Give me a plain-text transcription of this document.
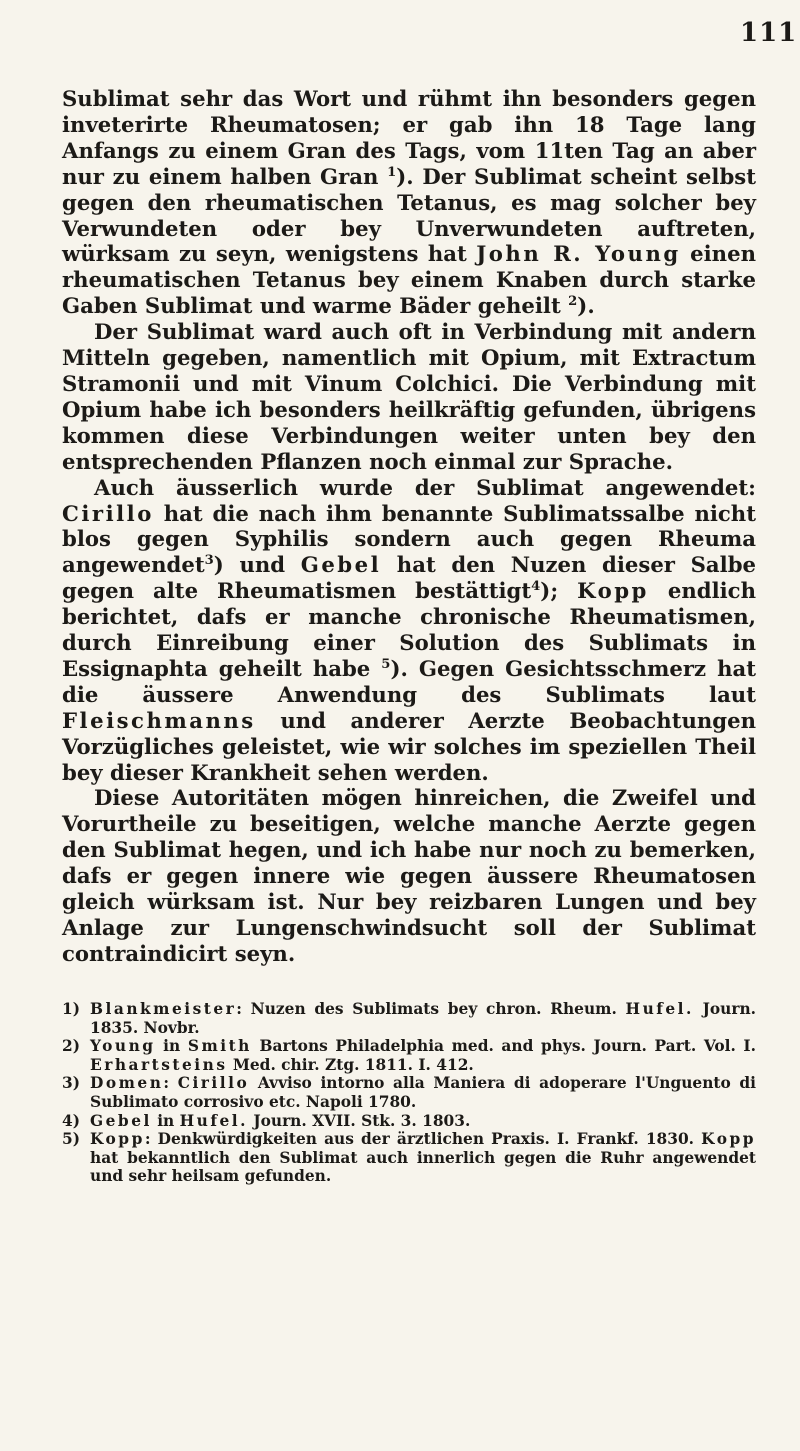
111

Sublimat sehr das Wort und rühmt ihn besonders gegen inveterirte Rheumatosen; er gab ihn 18 Tage lang Anfangs zu einem Gran des Tags, vom 11ten Tag an aber nur zu einem halben Gran $^1$). Der Sublimat scheint selbst gegen den rheumatischen Tetanus, es mag solcher bey Verwundeten oder bey Unverwundeten auftreten, würksam zu seyn, wenigstens hat John R. Young einen rheumatischen Tetanus bey einem Knaben durch starke Gaben Sublimat und warme Bäder geheilt $^2$).

Der Sublimat ward auch oft in Verbindung mit andern Mitteln gegeben, namentlich mit Opium, mit Extractum Stramonii und mit Vinum Colchici. Die Verbindung mit Opium habe ich besonders heilkräftig gefunden, übrigens kommen diese Verbindungen weiter unten bey den entsprechenden Pflanzen noch einmal zur Sprache.

Auch äusserlich wurde der Sublimat angewendet: Cirillo hat die nach ihm benannte Sublimatssalbe nicht blos gegen Syphilis sondern auch gegen Rheuma angewendet$^3$) und Gebel hat den Nuzen dieser Salbe gegen alte Rheumatismen bestättigt$^4$); Kopp endlich berichtet, dafs er manche chronische Rheumatismen, durch Einreibung einer Solution des Sublimats in Essignaphta geheilt habe $^5$). Gegen Gesichtsschmerz hat die äussere Anwendung des Sublimats laut Fleischmanns und anderer Aerzte Beobachtungen Vorzügliches geleistet, wie wir solches im speziellen Theil bey dieser Krankheit sehen werden.

Diese Autoritäten mögen hinreichen, die Zweifel und Vorurtheile zu beseitigen, welche manche Aerzte gegen den Sublimat hegen, und ich habe nur noch zu bemerken, dafs er gegen innere wie gegen äussere Rheumatosen gleich würksam ist. Nur bey reizbaren Lungen und bey Anlage zur Lungenschwindsucht soll der Sublimat contraindicirt seyn.

1) Blankmeister: Nuzen des Sublimats bey chron. Rheum. Hufel. Journ. 1835. Novbr.

2) Young in Smith Bartons Philadelphia med. and phys. Journ. Part. Vol. I. Erhartsteins Med. chir. Ztg. 1811. I. 412.

3) Domen: Cirillo Avviso intorno alla Maniera di adoperare l'Unguento di Sublimato corrosivo etc. Napoli 1780.

4) Gebel in Hufel. Journ. XVII. Stk. 3. 1803.

5) Kopp: Denkwürdigkeiten aus der ärztlichen Praxis. I. Frankf. 1830. Kopp hat bekanntlich den Sublimat auch innerlich gegen die Ruhr angewendet und sehr heilsam gefunden.
